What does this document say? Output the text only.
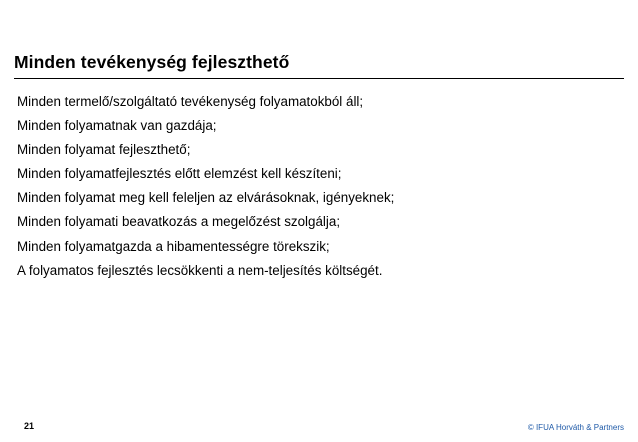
Minden tevékenység fejleszthető
Minden termelő/szolgáltató tevékenység folyamatokból áll;
Minden folyamatnak van gazdája;
Minden folyamat fejleszthető;
Minden folyamatfejlesztés előtt elemzést kell készíteni;
Minden folyamat meg kell feleljen az elvárásoknak, igényeknek;
Minden folyamati beavatkozás a megelőzést szolgálja;
Minden folyamatgazda a hibamentességre törekszik;
A folyamatos fejlesztés lecsökkenti a nem-teljesítés költségét.
21	© IFUA Horváth & Partners
